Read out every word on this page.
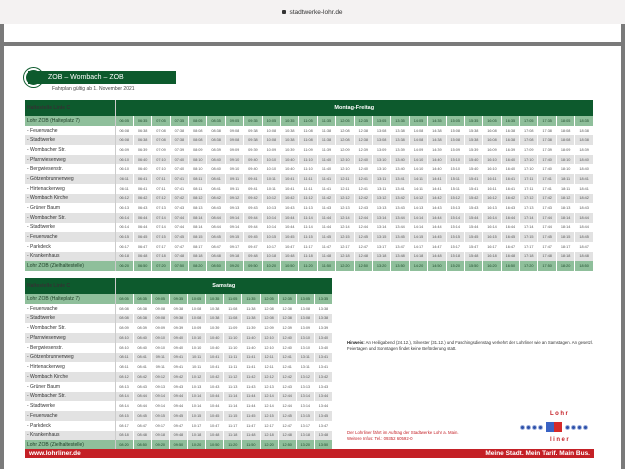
stadtwerke-lohr.de
ZOB – Wombach – ZOB
Fahrplan gültig ab 1. November 2021
Haltestelle Linie C	Montag-Freitag
Lohr ZOB (Halteplatz 7)	06:05	06:35	07:05	07:35	08:05	08:35	09:05	09:35	10:05	10:35	11:05	11:35	12:05	12:35	13:05	13:35	14:05	14:35	15:05	15:35	16:05	16:35	17:05	17:35	18:05	18:35
- Feuerwache	06:08	06:38	07:08	07:38	08:08	08:38	09:08	09:38	10:08	10:38	11:08	11:38	12:08	12:38	13:08	13:38	14:08	14:38	15:08	15:38	16:08	16:38	17:08	17:38	18:08	18:38
- Stadtwerke	06:08	06:38	07:08	07:38	08:08	08:38	09:08	09:38	10:08	10:38	11:08	11:38	12:08	12:38	13:08	13:38	14:08	14:38	15:08	15:38	16:08	16:38	17:08	17:38	18:08	18:38
- Wombacher Str.	06:09	06:39	07:09	07:39	08:09	08:39	09:09	09:39	10:09	10:39	11:09	11:39	12:09	12:39	13:09	13:39	14:09	14:39	15:09	15:39	16:09	16:39	17:09	17:39	18:09	18:39
- Pfarrwiesenweg	06:10	06:40	07:10	07:40	08:10	08:40	09:10	09:40	10:10	10:40	11:10	11:40	12:10	12:40	13:10	13:40	14:10	14:40	15:10	15:40	16:10	16:40	17:10	17:40	18:10	18:40
- Bergwiesenstr.	06:10	06:40	07:10	07:40	08:10	08:40	09:10	09:40	10:10	10:40	11:10	11:40	12:10	12:40	13:10	13:40	14:10	14:40	15:10	15:40	16:10	16:40	17:10	17:40	18:10	18:40
- Götzenbrunnenweg	06:11	06:41	07:11	07:41	08:11	08:41	09:11	09:41	10:11	10:41	11:11	11:41	12:11	12:41	13:11	13:41	14:11	14:41	15:11	15:41	16:11	16:41	17:11	17:41	18:11	18:41
- Hirtenackerweg	06:11	06:41	07:11	07:41	08:11	08:41	09:11	09:41	10:11	10:41	11:11	11:41	12:11	12:41	13:11	13:41	14:11	14:41	15:11	15:41	16:11	16:41	17:11	17:41	18:11	18:41
- Wombach Kirche	06:12	06:42	07:12	07:42	08:12	08:42	09:12	09:42	10:12	10:42	11:12	11:42	12:12	12:42	13:12	13:42	14:12	14:42	15:12	15:42	16:12	16:42	17:12	17:42	18:12	18:42
- Grüner Baum	06:13	06:43	07:13	07:43	08:13	08:43	09:13	09:43	10:13	10:43	11:13	11:43	12:13	12:43	13:13	13:43	14:13	14:43	15:13	15:43	16:13	16:43	17:13	17:43	18:13	18:43
- Wombacher Str.	06:14	06:44	07:14	07:44	08:14	08:44	09:14	09:44	10:14	10:44	11:14	11:44	12:14	12:44	13:14	13:44	14:14	14:44	15:14	15:44	16:14	16:44	17:14	17:44	18:14	18:44
- Stadtwerke	06:14	06:44	07:14	07:44	08:14	08:44	09:14	09:44	10:14	10:44	11:14	11:44	12:14	12:44	13:14	13:44	14:14	14:44	15:14	15:44	16:14	16:44	17:14	17:44	18:14	18:44
- Feuerwache	06:15	06:45	07:15	07:45	08:15	08:45	09:15	09:45	10:15	10:45	11:15	11:45	12:15	12:45	13:15	13:45	14:15	14:45	15:15	15:45	16:15	16:45	17:15	17:45	18:15	18:45
- Parkdeck	06:17	06:47	07:17	07:47	08:17	08:47	09:17	09:47	10:17	10:47	11:17	11:47	12:17	12:47	13:17	13:47	14:17	14:47	15:17	15:47	16:17	16:47	17:17	17:47	18:17	18:47
- Krankenhaus	06:18	06:48	07:18	07:48	08:18	08:48	09:18	09:48	10:18	10:48	11:18	11:48	12:18	12:48	13:18	13:48	14:18	14:48	15:18	15:48	16:18	16:48	17:18	17:48	18:18	18:48
Lohr ZOB (Zielhaltestelle)	06:20	06:50	07:20	07:50	08:20	08:50	09:20	09:50	10:20	10:50	11:20	11:50	12:20	12:50	13:20	13:50	14:20	14:50	15:20	15:50	16:20	16:50	17:20	17:50	18:20	18:50
Haltestelle Linie C	Samstag
Lohr ZOB (Halteplatz 7)	08:05	08:35	09:05	09:35	10:05	10:35	11:05	11:35	12:05	12:35	13:05	13:35
- Feuerwache	08:08	08:38	09:08	09:38	10:08	10:38	11:08	11:38	12:08	12:38	13:08	13:38
- Stadtwerke	08:08	08:38	09:08	09:38	10:08	10:38	11:08	11:38	12:08	12:38	13:08	13:38
- Wombacher Str.	08:09	08:39	09:09	09:39	10:09	10:39	11:09	11:39	12:09	12:39	13:09	13:39
- Pfarrwiesenweg	08:10	08:40	09:10	09:40	10:10	10:40	11:10	11:40	12:10	12:40	13:10	13:40
- Bergwiesenstr.	08:10	08:40	09:10	09:40	10:10	10:40	11:10	11:40	12:10	12:40	13:10	13:40
- Götzenbrunnenweg	08:11	08:41	09:11	09:41	10:11	10:41	11:11	11:41	12:11	12:41	13:11	13:41
- Hirtenackerweg	08:11	08:41	09:11	09:41	10:11	10:41	11:11	11:41	12:11	12:41	13:11	13:41
- Wombach Kirche	08:12	08:42	09:12	09:42	10:12	10:42	11:12	11:42	12:12	12:42	13:12	13:42
- Grüner Baum	08:13	08:43	09:13	09:43	10:13	10:43	11:13	11:43	12:13	12:43	13:13	13:43
- Wombacher Str.	08:14	08:44	09:14	09:44	10:14	10:44	11:14	11:44	12:14	12:44	13:14	13:44
- Stadtwerke	08:14	08:44	09:14	09:44	10:14	10:44	11:14	11:44	12:14	12:44	13:14	13:44
- Feuerwache	08:15	08:45	09:15	09:45	10:15	10:45	11:15	11:45	12:15	12:45	13:15	13:45
- Parkdeck	08:17	08:47	09:17	09:47	10:17	10:47	11:17	11:47	12:17	12:47	13:17	13:47
- Krankenhaus	08:18	08:48	09:18	09:48	10:18	10:48	11:18	11:48	12:18	12:48	13:18	13:48
Lohr ZOB (Zielhaltestelle)	08:20	08:50	09:20	09:50	10:20	10:50	11:20	11:50	12:20	12:50	13:20	13:50
Hinweis: An Heiligabend (24.12.), Silvester (31.12.) und Faschingsdienstag verkehrt der Lohrliner wie an Samstagen. An gesetzl. Feiertagen und Sonntagen findet keine Beförderung statt.
Der Lohrliner fährt im Auftrag der Stadtwerke Lohr a. Main.
Weitere Infos: Tel.: 09352 60592-0
Lohr
liner
www.lohrliner.de	Meine Stadt. Mein Tarif. Main Bus.
